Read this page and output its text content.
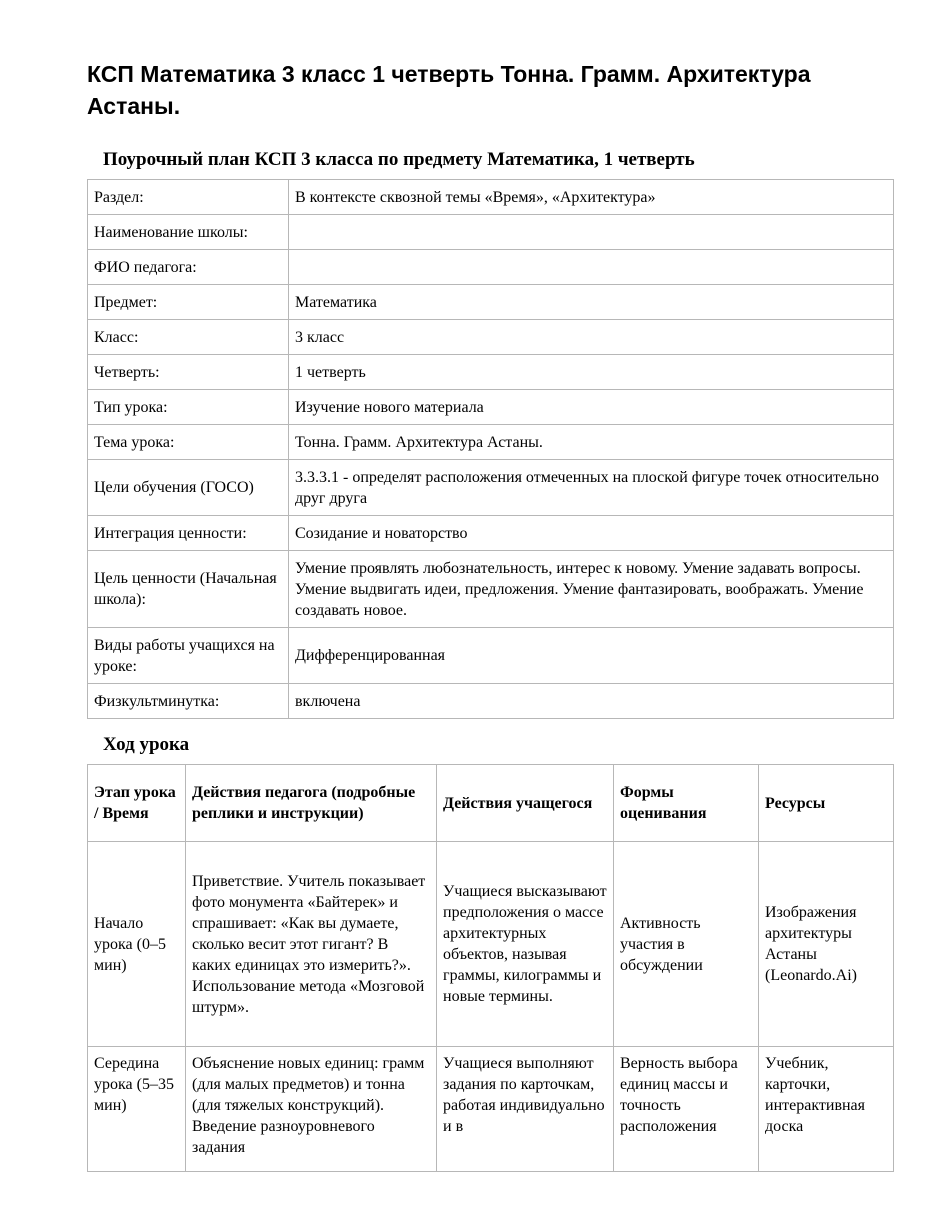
КСП Математика 3 класс 1 четверть Тонна. Грамм. Архитектура Астаны.
Поурочный план КСП 3 класса по предмету Математика, 1 четверть
Раздел:	В контексте сквозной темы «Время», «Архитектура»
Наименование школы:	
ФИО педагога:	
Предмет:	Математика
Класс:	3 класс
Четверть:	1 четверть
Тип урока:	Изучение нового материала
Тема урока:	Тонна. Грамм. Архитектура Астаны.
Цели обучения (ГОСО)	3.3.3.1 - определят расположения отмеченных на плоской фигуре точек относительно друг друга
Интеграция ценности:	Созидание и новаторство
Цель ценности (Начальная школа):	Умение проявлять любознательность, интерес к новому. Умение задавать вопросы. Умение выдвигать идеи, предложения. Умение фантазировать, воображать. Умение создавать новое.
Виды работы учащихся на уроке:	Дифференцированная
Физкультминутка:	включена
Ход урока
Этап урока / Время	Действия педагога (подробные реплики и инструкции)	Действия учащегося	Формы оценивания	Ресурсы
Начало урока (0–5 мин)	Приветствие. Учитель показывает фото монумента «Байтерек» и спрашивает: «Как вы думаете, сколько весит этот гигант? В каких единицах это измерить?». Использование метода «Мозговой штурм».	Учащиеся высказывают предположения о массе архитектурных объектов, называя граммы, килограммы и новые термины.	Активность участия в обсуждении	Изображения архитектуры Астаны (Leonardo.Ai)
Середина урока (5–35 мин)	Объяснение новых единиц: грамм (для малых предметов) и тонна (для тяжелых конструкций). Введение разноуровневого задания	Учащиеся выполняют задания по карточкам, работая индивидуально и в	Верность выбора единиц массы и точность расположения	Учебник, карточки, интерактивная доска
